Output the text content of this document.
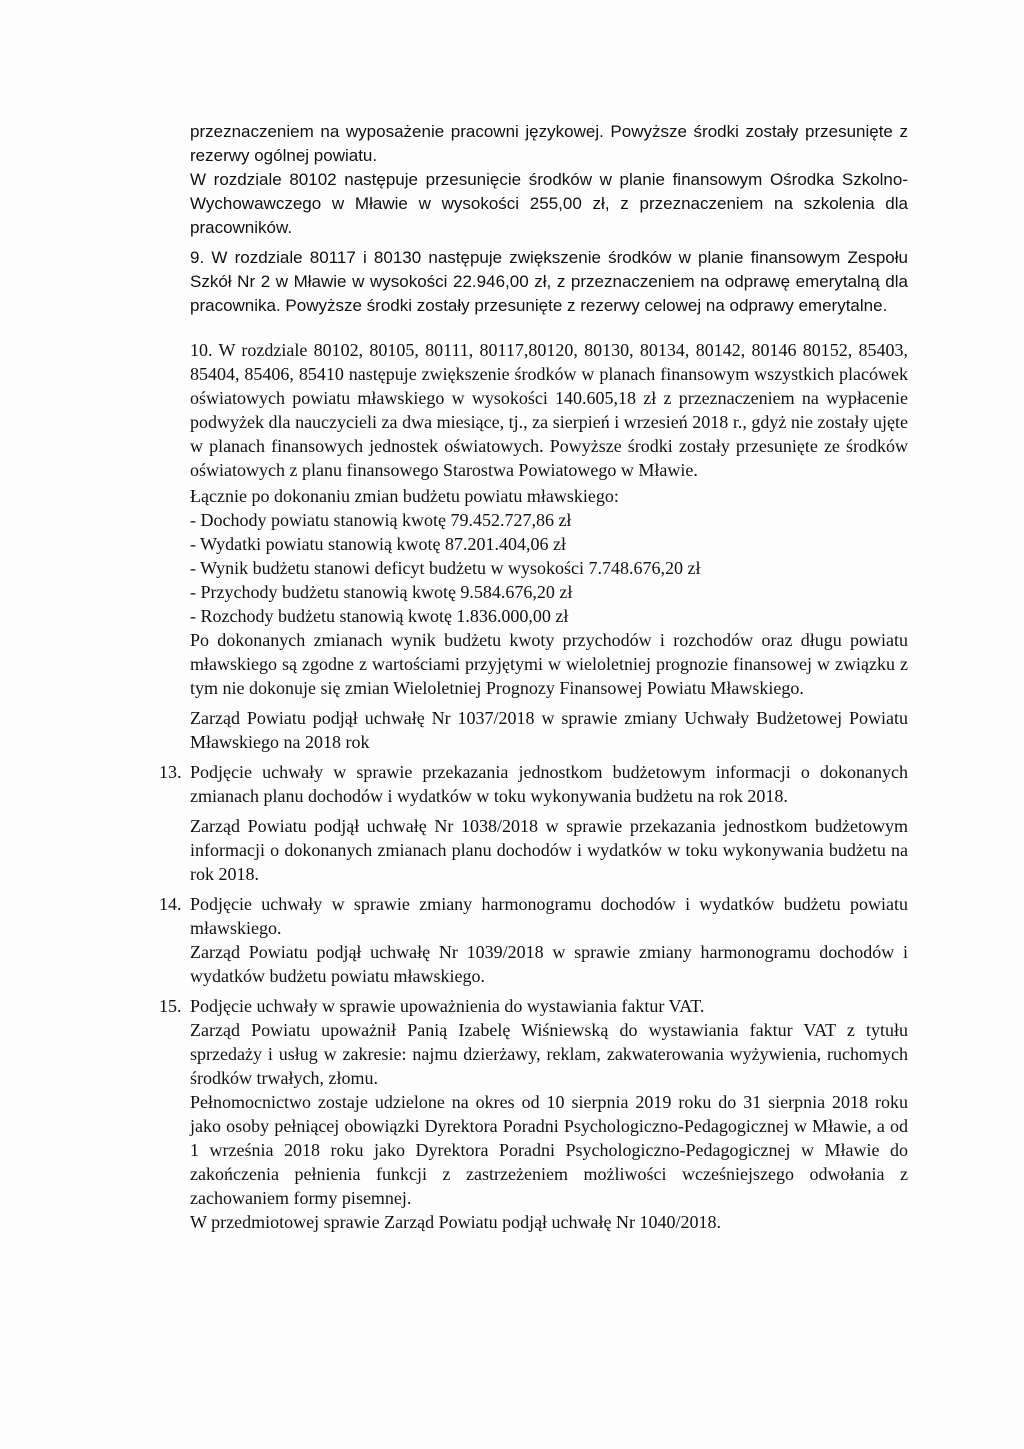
przeznaczeniem na wyposażenie pracowni językowej. Powyższe środki zostały przesunięte z rezerwy ogólnej powiatu.

W rozdziale 80102 następuje przesunięcie środków w planie finansowym Ośrodka Szkolno-Wychowawczego w Mławie w wysokości 255,00 zł, z przeznaczeniem na szkolenia dla pracowników.

9. W rozdziale 80117 i 80130 następuje zwiększenie środków w planie finansowym Zespołu Szkół Nr 2 w Mławie w wysokości 22.946,00 zł, z przeznaczeniem na odprawę emerytalną dla pracownika. Powyższe środki zostały przesunięte z rezerwy celowej na odprawy emerytalne.

10. W rozdziale 80102, 80105, 80111, 80117,80120, 80130, 80134, 80142, 80146 80152, 85403, 85404, 85406, 85410 następuje zwiększenie środków w planach finansowym wszystkich placówek oświatowych powiatu mławskiego w wysokości 140.605,18 zł z przeznaczeniem na wypłacenie podwyżek dla nauczycieli za dwa miesiące, tj., za sierpień i wrzesień 2018 r., gdyż nie zostały ujęte w planach finansowych jednostek oświatowych. Powyższe środki zostały przesunięte ze środków oświatowych z planu finansowego Starostwa Powiatowego w Mławie.

Łącznie po dokonaniu zmian budżetu powiatu mławskiego:

- Dochody powiatu stanowią kwotę 79.452.727,86 zł

- Wydatki powiatu stanowią kwotę 87.201.404,06 zł

- Wynik budżetu stanowi deficyt budżetu w wysokości 7.748.676,20 zł

- Przychody budżetu stanowią kwotę 9.584.676,20 zł

- Rozchody budżetu stanowią kwotę 1.836.000,00 zł

Po dokonanych zmianach wynik budżetu kwoty przychodów i rozchodów oraz długu powiatu mławskiego są zgodne z wartościami przyjętymi w wieloletniej prognozie finansowej w związku z tym nie dokonuje się zmian Wieloletniej Prognozy Finansowej Powiatu Mławskiego.

Zarząd Powiatu podjął uchwałę Nr 1037/2018 w sprawie zmiany Uchwały Budżetowej Powiatu Mławskiego na 2018 rok

13. Podjęcie uchwały w sprawie przekazania jednostkom budżetowym informacji o dokonanych zmianach planu dochodów i wydatków w toku wykonywania budżetu na rok 2018.

Zarząd Powiatu podjął uchwałę Nr 1038/2018 w sprawie przekazania jednostkom budżetowym informacji o dokonanych zmianach planu dochodów i wydatków w toku wykonywania budżetu na rok 2018.

14. Podjęcie uchwały w sprawie zmiany harmonogramu dochodów i wydatków budżetu powiatu mławskiego.

Zarząd Powiatu podjął uchwałę Nr 1039/2018 w sprawie zmiany harmonogramu dochodów i wydatków budżetu powiatu mławskiego.

15. Podjęcie uchwały w sprawie upoważnienia do wystawiania faktur VAT.

Zarząd Powiatu upoważnił Panią Izabelę Wiśniewską do wystawiania faktur VAT z tytułu sprzedaży i usług w zakresie: najmu dzierżawy, reklam, zakwaterowania wyżywienia, ruchomych środków trwałych, złomu.

Pełnomocnictwo zostaje udzielone na okres od 10 sierpnia 2019 roku do 31 sierpnia 2018 roku jako osoby pełniącej obowiązki Dyrektora Poradni Psychologiczno-Pedagogicznej w Mławie, a od 1 września 2018 roku jako Dyrektora Poradni Psychologiczno-Pedagogicznej w Mławie do zakończenia pełnienia funkcji z zastrzeżeniem możliwości wcześniejszego odwołania z zachowaniem formy pisemnej.

W przedmiotowej sprawie Zarząd Powiatu podjął uchwałę Nr 1040/2018.
